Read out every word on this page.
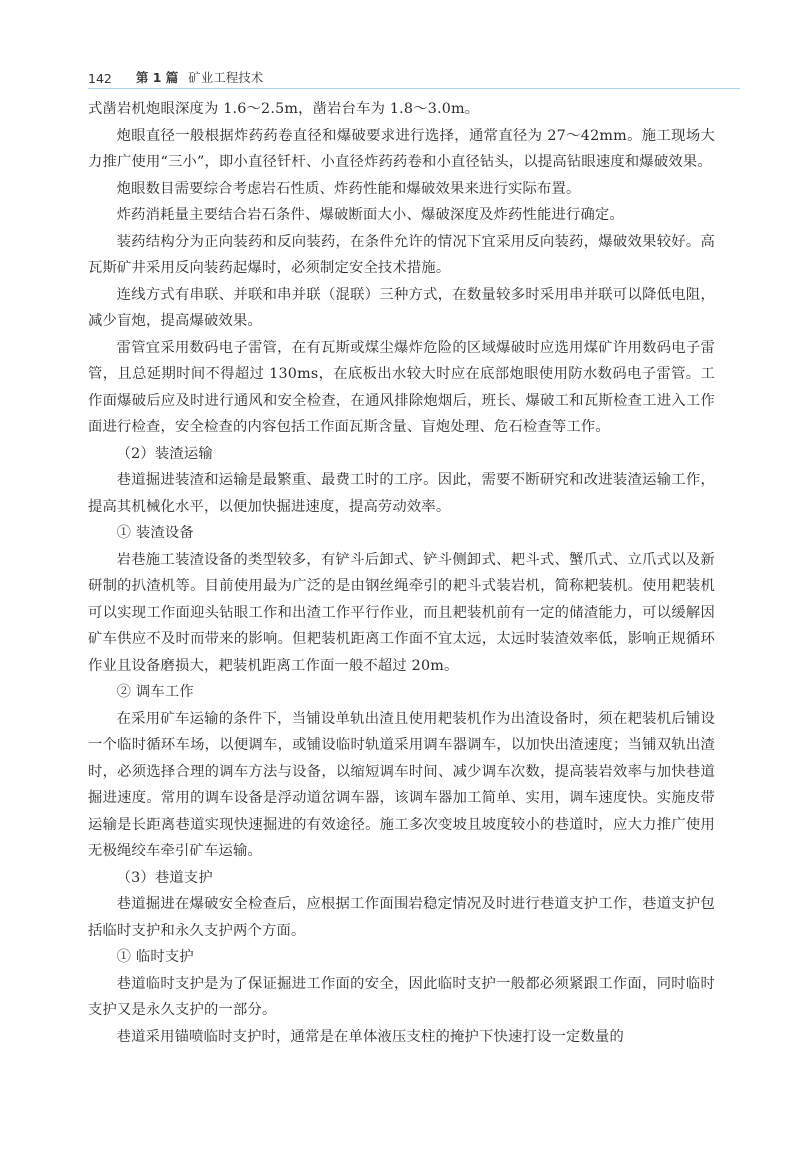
142 第 1 篇 矿业工程技术

式凿岩机炮眼深度为 1.6～2.5m，凿岩台车为 1.8～3.0m。

炮眼直径一般根据炸药药卷直径和爆破要求进行选择，通常直径为 27～42mm。施工现场大力推广使用“三小”，即小直径钎杆、小直径炸药药卷和小直径钻头，以提高钻眼速度和爆破效果。

炮眼数目需要综合考虑岩石性质、炸药性能和爆破效果来进行实际布置。

炸药消耗量主要结合岩石条件、爆破断面大小、爆破深度及炸药性能进行确定。

装药结构分为正向装药和反向装药，在条件允许的情况下宜采用反向装药，爆破效果较好。高瓦斯矿井采用反向装药起爆时，必须制定安全技术措施。

连线方式有串联、并联和串并联（混联）三种方式，在数量较多时采用串并联可以降低电阻，减少盲炮，提高爆破效果。

雷管宜采用数码电子雷管，在有瓦斯或煤尘爆炸危险的区域爆破时应选用煤矿许用数码电子雷管，且总延期时间不得超过 130ms，在底板出水较大时应在底部炮眼使用防水数码电子雷管。工作面爆破后应及时进行通风和安全检查，在通风排除炮烟后，班长、爆破工和瓦斯检查工进入工作面进行检查，安全检查的内容包括工作面瓦斯含量、盲炮处理、危石检查等工作。

（2）装渣运输

巷道掘进装渣和运输是最繁重、最费工时的工序。因此，需要不断研究和改进装渣运输工作，提高其机械化水平，以便加快掘进速度，提高劳动效率。

① 装渣设备

岩巷施工装渣设备的类型较多，有铲斗后卸式、铲斗侧卸式、耙斗式、蟹爪式、立爪式以及新研制的扒渣机等。目前使用最为广泛的是由钢丝绳牵引的耙斗式装岩机，简称耙装机。使用耙装机可以实现工作面迎头钻眼工作和出渣工作平行作业，而且耙装机前有一定的储渣能力，可以缓解因矿车供应不及时而带来的影响。但耙装机距离工作面不宜太远，太远时装渣效率低，影响正规循环作业且设备磨损大，耙装机距离工作面一般不超过 20m。

② 调车工作

在采用矿车运输的条件下，当铺设单轨出渣且使用耙装机作为出渣设备时，须在耙装机后铺设一个临时循环车场，以便调车，或铺设临时轨道采用调车器调车，以加快出渣速度；当铺双轨出渣时，必须选择合理的调车方法与设备，以缩短调车时间、减少调车次数，提高装岩效率与加快巷道掘进速度。常用的调车设备是浮动道岔调车器，该调车器加工简单、实用，调车速度快。实施皮带运输是长距离巷道实现快速掘进的有效途径。施工多次变坡且坡度较小的巷道时，应大力推广使用无极绳绞车牵引矿车运输。

（3）巷道支护

巷道掘进在爆破安全检查后，应根据工作面围岩稳定情况及时进行巷道支护工作，巷道支护包括临时支护和永久支护两个方面。

① 临时支护

巷道临时支护是为了保证掘进工作面的安全，因此临时支护一般都必须紧跟工作面，同时临时支护又是永久支护的一部分。

巷道采用锚喷临时支护时，通常是在单体液压支柱的掩护下快速打设一定数量的
